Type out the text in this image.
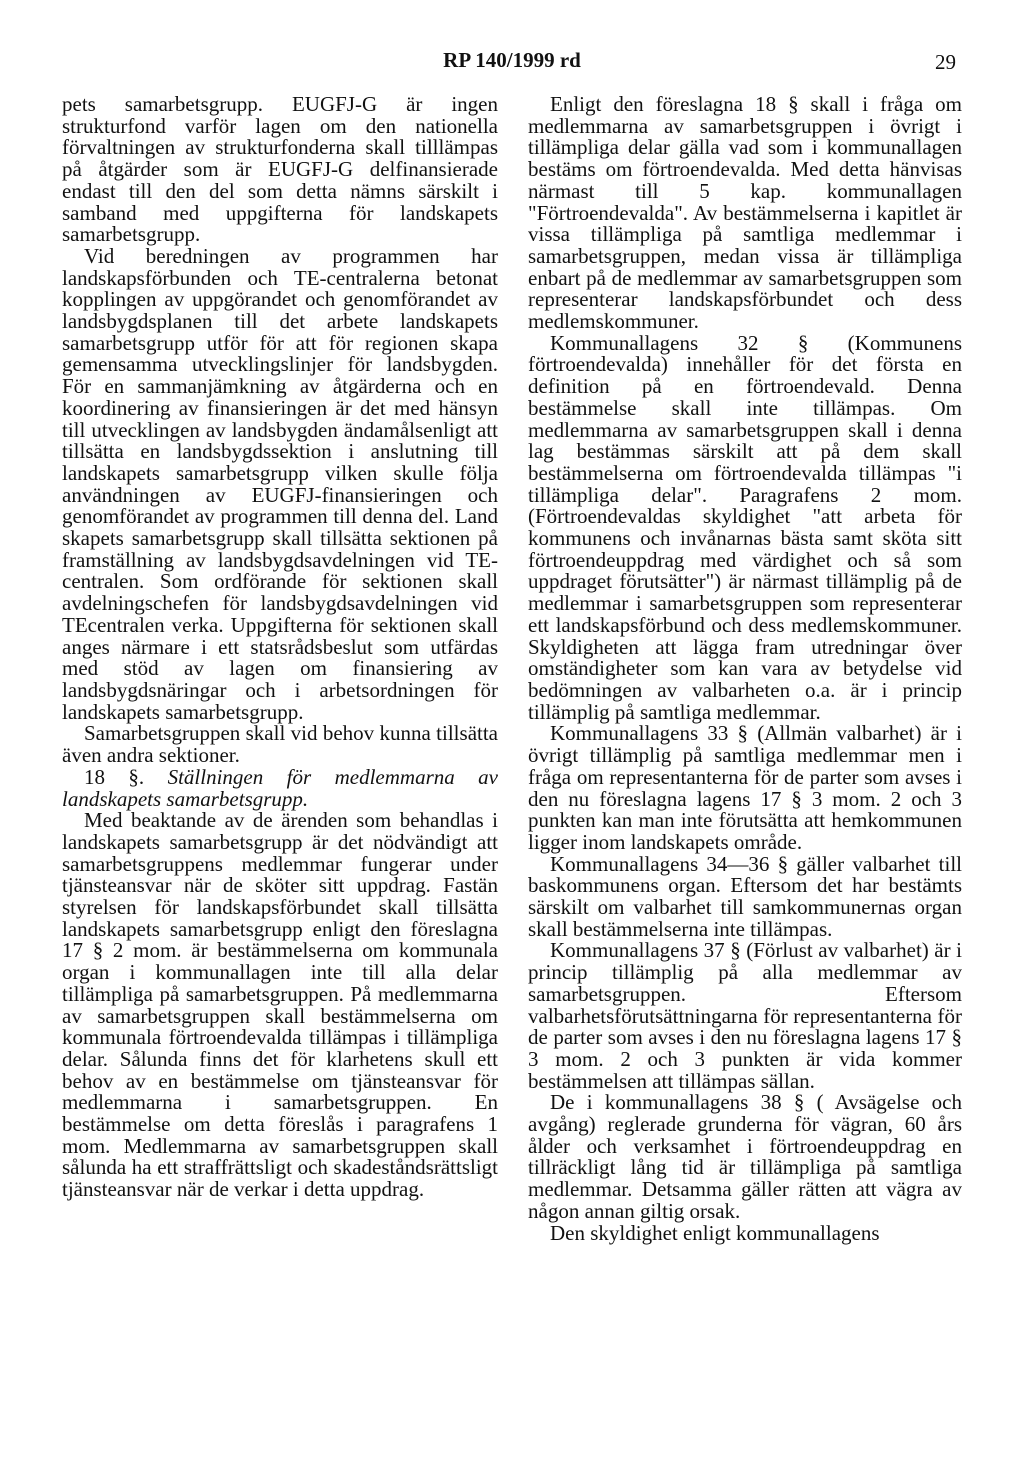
RP 140/1999 rd	29

pets samarbetsgrupp. EUGFJ-G är ingen strukturfond varför lagen om den nationella förvaltningen av strukturfonderna skall tilllämpas på åtgärder som är EUGFJ-G delfinansierade endast till den del som detta nämns särskilt i samband med uppgifterna för landskapets samarbetsgrupp.

Vid beredningen av programmen har landskapsförbunden och TE-centralerna betonat kopplingen av uppgörandet och genomförandet av landsbygdsplanen till det arbete landskapets samarbetsgrupp utför för att för regionen skapa gemensamma utvecklingslinjer för landsbygden. För en sammanjämkning av åtgärderna och en koordinering av finansieringen är det med hänsyn till utvecklingen av landsbygden ändamålsenligt att tillsätta en landsbygdssektion i anslutning till landskapets samarbetsgrupp vilken skulle följa användningen av EUGFJ-finansieringen och genomförandet av programmen till denna del. Land skapets samarbetsgrupp skall tillsätta sektionen på framställning av landsbygdsavdelningen vid TE-centralen. Som ordförande för sektionen skall avdelningschefen för landsbygdsavdelningen vid TEcentralen verka. Uppgifterna för sektionen skall anges närmare i ett statsrådsbeslut som utfärdas med stöd av lagen om finansiering av landsbygdsnäringar och i arbetsordningen för landskapets samarbetsgrupp.

Samarbetsgruppen skall vid behov kunna tillsätta även andra sektioner.

18 §. Ställningen för medlemmarna av landskapets samarbetsgrupp.

Med beaktande av de ärenden som behandlas i landskapets samarbetsgrupp är det nödvändigt att samarbetsgruppens medlemmar fungerar under tjänsteansvar när de sköter sitt uppdrag. Fastän styrelsen för landskapsförbundet skall tillsätta landskapets samarbetsgrupp enligt den föreslagna 17 § 2 mom. är bestämmelserna om kommunala organ i kommunallagen inte till alla delar tillämpliga på samarbetsgruppen. På medlemmarna av samarbetsgruppen skall bestämmelserna om kommunala förtroendevalda tillämpas i tillämpliga delar. Sålunda finns det för klarhetens skull ett behov av en bestämmelse om tjänsteansvar för medlemmarna i samarbetsgruppen. En bestämmelse om detta föreslås i paragrafens 1 mom. Medlemmarna av samarbetsgruppen skall sålunda ha ett straffrättsligt och skadeståndsrättsligt tjänsteansvar när de verkar i detta uppdrag.

Enligt den föreslagna 18 § skall i fråga om medlemmarna av samarbetsgruppen i övrigt i tillämpliga delar gälla vad som i kommunallagen bestäms om förtroendevalda. Med detta hänvisas närmast till 5 kap. kommunallagen "Förtroendevalda". Av bestämmelserna i kapitlet är vissa tillämpliga på samtliga medlemmar i samarbetsgruppen, medan vissa är tillämpliga enbart på de medlemmar av samarbetsgruppen som representerar landskapsförbundet och dess medlemskommuner.

Kommunallagens 32 § (Kommunens förtroendevalda) innehåller för det första en definition på en förtroendevald. Denna bestämmelse skall inte tillämpas. Om medlemmarna av samarbetsgruppen skall i denna lag bestämmas särskilt att på dem skall bestämmelserna om förtroendevalda tillämpas "i tillämpliga delar". Paragrafens 2 mom. (Förtroendevaldas skyldighet "att arbeta för kommunens och invånarnas bästa samt sköta sitt förtroendeuppdrag med värdighet och så som uppdraget förutsätter") är närmast tillämplig på de medlemmar i samarbetsgruppen som representerar ett landskapsförbund och dess medlemskommuner. Skyldigheten att lägga fram utredningar över omständigheter som kan vara av betydelse vid bedömningen av valbarheten o.a. är i princip tillämplig på samtliga medlemmar.

Kommunallagens 33 § (Allmän valbarhet) är i övrigt tillämplig på samtliga medlemmar men i fråga om representanterna för de parter som avses i den nu föreslagna lagens 17 § 3 mom. 2 och 3 punkten kan man inte förutsätta att hemkommunen ligger inom landskapets område.

Kommunallagens 34—36 § gäller valbarhet till baskommunens organ. Eftersom det har bestämts särskilt om valbarhet till samkommunernas organ skall bestämmelserna inte tillämpas.

Kommunallagens 37 § (Förlust av valbarhet) är i princip tillämplig på alla medlemmar av samarbetsgruppen. Eftersom valbarhetsförutsättningarna för representanterna för de parter som avses i den nu föreslagna lagens 17 § 3 mom. 2 och 3 punkten är vida kommer bestämmelsen att tillämpas sällan.

De i kommunallagens 38 § ( Avsägelse och avgång) reglerade grunderna för vägran, 60 års ålder och verksamhet i förtroendeuppdrag en tillräckligt lång tid är tillämpliga på samtliga medlemmar. Detsamma gäller rätten att vägra av någon annan giltig orsak.

Den skyldighet enligt kommunallagens
